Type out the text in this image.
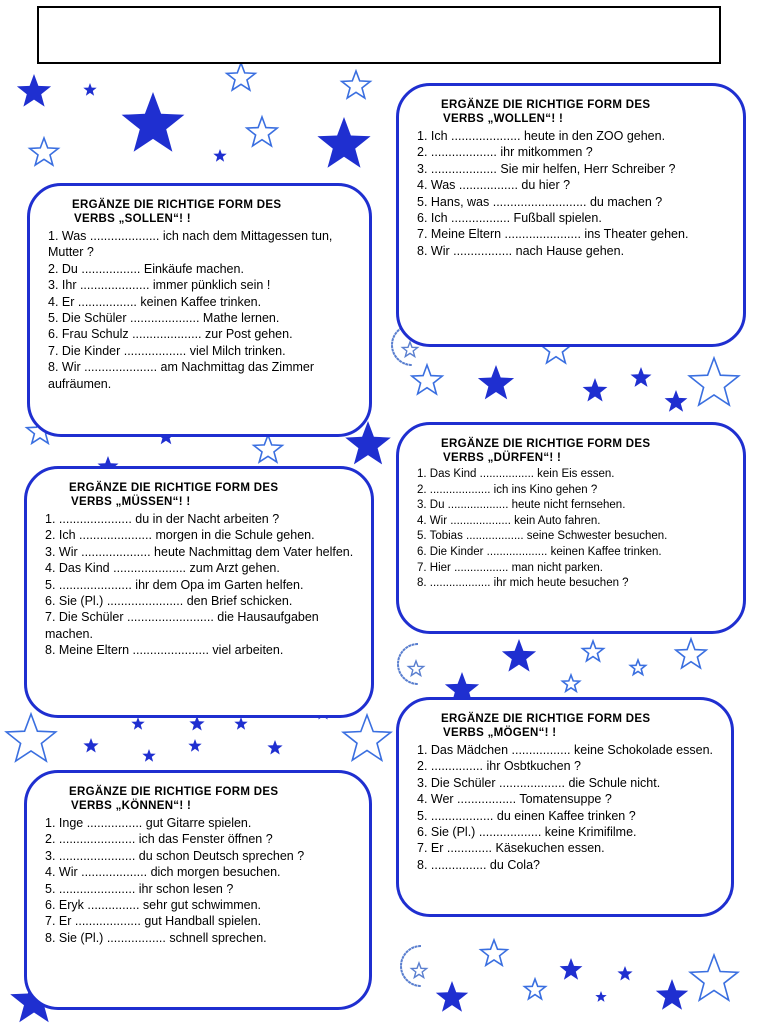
ERGÄNZE DIE RICHTIGE FORM DES
VERBS „SOLLEN“! !
1. Was .................... ich nach dem Mittagessen tun, Mutter ?
2. Du ................. Einkäufe machen.
3. Ihr .................... immer pünklich sein !
4. Er ................. keinen Kaffee trinken.
5. Die Schüler .................... Mathe lernen.
6. Frau Schulz .................... zur Post gehen.
7. Die Kinder .................. viel Milch trinken.
8. Wir ..................... am Nachmittag das Zimmer aufräumen.
ERGÄNZE DIE RICHTIGE FORM DES
VERBS „WOLLEN“! !
1. Ich .................... heute in den ZOO gehen.
2. ................... ihr mitkommen ?
3. ................... Sie mir helfen, Herr Schreiber ?
4. Was ................. du hier ?
5. Hans, was ........................... du machen ?
6. Ich ................. Fußball spielen.
7. Meine Eltern ...................... ins Theater gehen.
8. Wir ................. nach Hause gehen.
ERGÄNZE DIE RICHTIGE FORM DES
VERBS „MÜSSEN“! !
1. ..................... du in der Nacht arbeiten ?
2. Ich ..................... morgen in die Schule gehen.
3. Wir .................... heute Nachmittag dem Vater helfen.
4. Das Kind ..................... zum Arzt gehen.
5. ..................... ihr dem Opa im Garten helfen.
6. Sie (Pl.) ...................... den Brief schicken.
7. Die Schüler ......................... die Hausaufgaben machen.
8. Meine Eltern ...................... viel arbeiten.
ERGÄNZE DIE RICHTIGE FORM DES
VERBS „DÜRFEN“! !
1. Das Kind ................. kein Eis essen.
2. ................... ich ins Kino gehen ?
3. Du ................... heute nicht fernsehen.
4. Wir ................... kein Auto fahren.
5. Tobias .................. seine Schwester besuchen.
6. Die Kinder ................... keinen Kaffee trinken.
7. Hier ................. man nicht parken.
8. ................... ihr mich heute besuchen ?
ERGÄNZE DIE RICHTIGE FORM DES
VERBS „KÖNNEN“! !
1. Inge ................ gut Gitarre spielen.
2. ...................... ich das Fenster öffnen ?
3. ...................... du schon Deutsch sprechen ?
4. Wir ................... dich morgen besuchen.
5. ...................... ihr schon lesen ?
6. Eryk ............... sehr gut schwimmen.
7. Er ................... gut Handball spielen.
8. Sie (Pl.) ................. schnell sprechen.
ERGÄNZE DIE RICHTIGE FORM DES
VERBS „MÖGEN“! !
1. Das Mädchen ................. keine Schokolade essen.
2. ............... ihr Osbtkuchen ?
3. Die Schüler ................... die Schule nicht.
4. Wer ................. Tomatensuppe ?
5. .................. du einen Kaffee trinken ?
6. Sie (Pl.) .................. keine Krimifilme.
7. Er ............. Käsekuchen essen.
8. ................ du Cola?
